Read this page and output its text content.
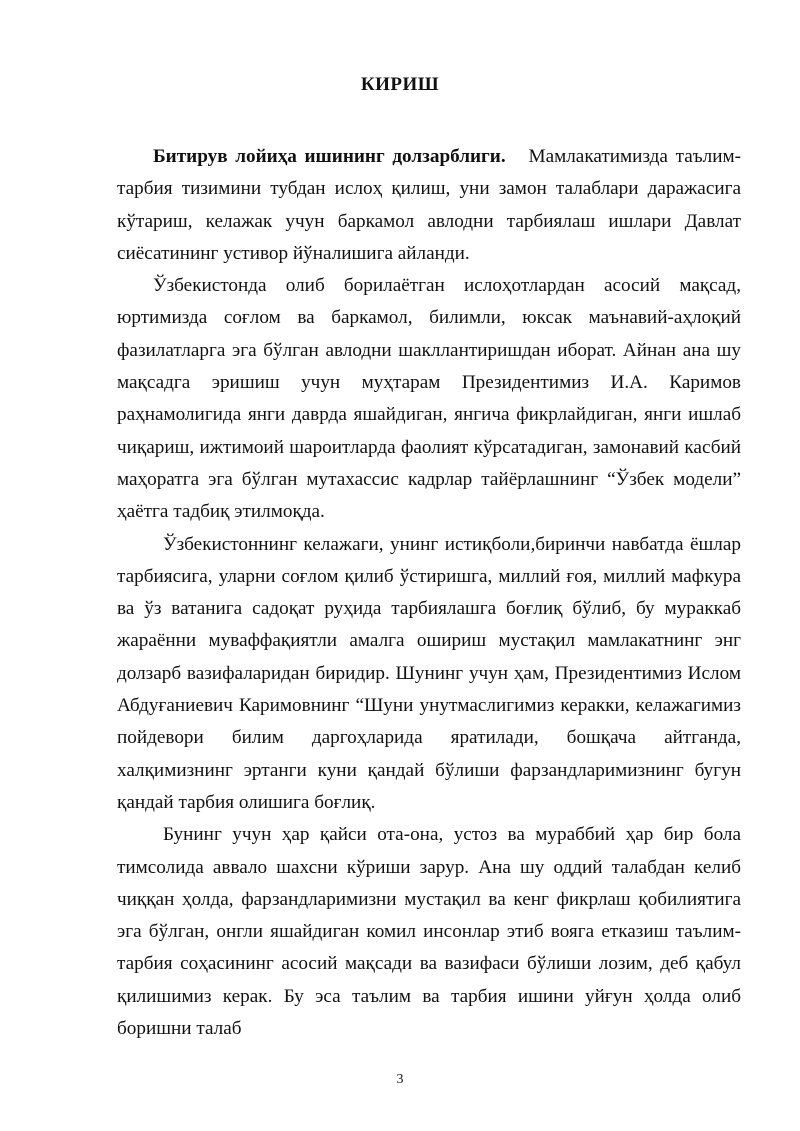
КИРИШ

Битирув лойиҳа ишининг долзарблиги. Мамлакатимизда таълим-тарбия тизимини тубдан ислоҳ қилиш, уни замон талаблари даражасига кўтариш, келажак учун баркамол авлодни тарбиялаш ишлари Давлат сиёсатининг устивор йўналишига айланди.

Ўзбекистонда олиб борилаётган ислоҳотлардан асосий мақсад, юртимизда соғлом ва баркамол, билимли, юксак маънавий-аҳлоқий фазилатларга эга бўлган авлодни шакллантиришдан иборат. Айнан ана шу мақсадга эришиш учун муҳтарам Президентимиз И.А. Каримов раҳнамолигида янги даврда яшайдиган, янгича фикрлайдиган, янги ишлаб чиқариш, ижтимоий шароитларда фаолият кўрсатадиган, замонавий касбий маҳоратга эга бўлган мутахассис кадрлар тайёрлашнинг “Ўзбек модели” ҳаётга тадбиқ этилмоқда.

Ўзбекистоннинг келажаги, унинг истиқболи,биринчи навбатда ёшлар тарбиясига, уларни соғлом қилиб ўстиришга, миллий ғоя, миллий мафкура ва ўз ватанига садоқат руҳида тарбиялашга боғлиқ бўлиб, бу мураккаб жараённи муваффақиятли амалга ошириш мустақил мамлакатнинг энг долзарб вазифаларидан биридир. Шунинг учун ҳам, Президентимиз Ислом Абдуғаниевич Каримовнинг “Шуни унутмаслигимиз керакки, келажагимиз пойдевори билим даргоҳларида яратилади, бошқача айтганда, халқимизнинг эртанги куни қандай бўлиши фарзандларимизнинг бугун қандай тарбия олишига боғлиқ.

Бунинг учун ҳар қайси ота-она, устоз ва мураббий ҳар бир бола тимсолида аввало шахсни кўриши зарур. Ана шу оддий талабдан келиб чиққан ҳолда, фарзандларимизни мустақил ва кенг фикрлаш қобилиятига эга бўлган, онгли яшайдиган комил инсонлар этиб вояга етказиш таълим-тарбия соҳасининг асосий мақсади ва вазифаси бўлиши лозим, деб қабул қилишимиз керак. Бу эса таълим ва тарбия ишини уйғун ҳолда олиб боришни талаб

3
